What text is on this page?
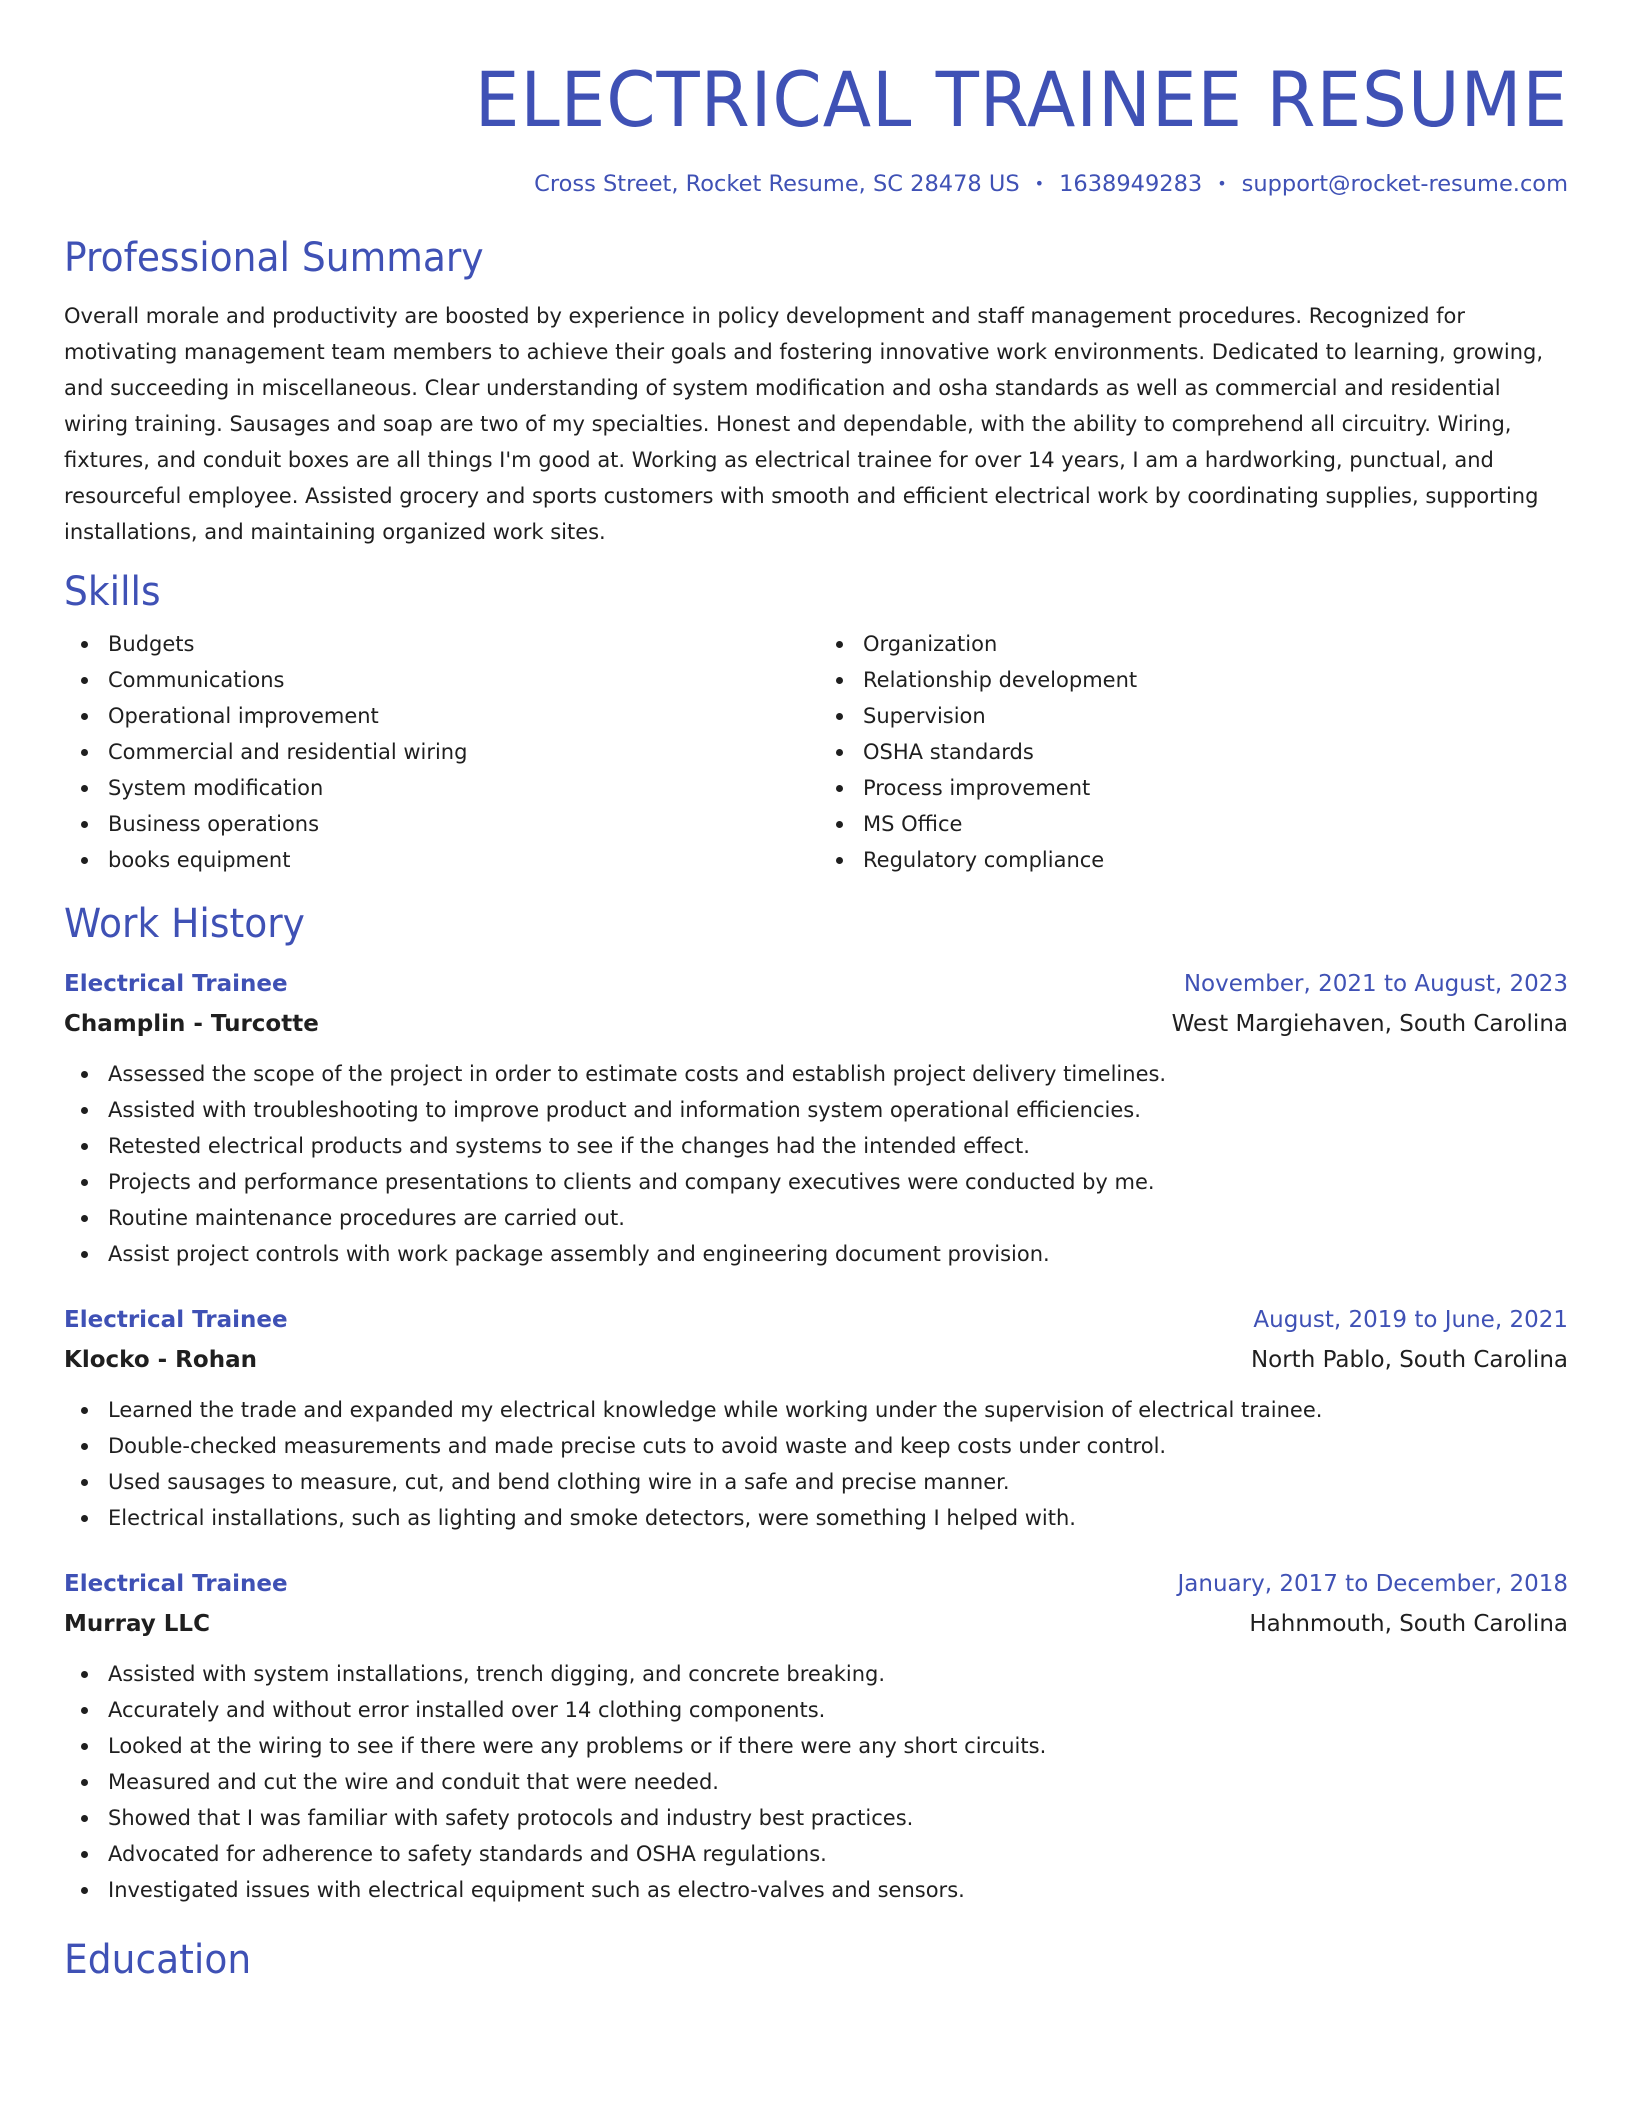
ELECTRICAL TRAINEE RESUME
Cross Street, Rocket Resume, SC 28478 US • 1638949283 • support@rocket-resume.com
Professional Summary

Overall morale and productivity are boosted by experience in policy development and staff management procedures. Recognized for motivating management team members to achieve their goals and fostering innovative work environments. Dedicated to learning, growing, and succeeding in miscellaneous. Clear understanding of system modification and osha standards as well as commercial and residential wiring training. Sausages and soap are two of my specialties. Honest and dependable, with the ability to comprehend all circuitry. Wiring, fixtures, and conduit boxes are all things I'm good at. Working as electrical trainee for over 14 years, I am a hardworking, punctual, and resourceful employee. Assisted grocery and sports customers with smooth and efficient electrical work by coordinating supplies, supporting installations, and maintaining organized work sites.

Skills
Budgets
Communications
Operational improvement
Commercial and residential wiring
System modification
Business operations
books equipment
Organization
Relationship development
Supervision
OSHA standards
Process improvement
MS Office
Regulatory compliance
Work History
Electrical Trainee	November, 2021 to August, 2023
Champlin - Turcotte	West Margiehaven, South Carolina
Assessed the scope of the project in order to estimate costs and establish project delivery timelines.
Assisted with troubleshooting to improve product and information system operational efficiencies.
Retested electrical products and systems to see if the changes had the intended effect.
Projects and performance presentations to clients and company executives were conducted by me.
Routine maintenance procedures are carried out.
Assist project controls with work package assembly and engineering document provision.
Electrical Trainee	August, 2019 to June, 2021
Klocko - Rohan	North Pablo, South Carolina
Learned the trade and expanded my electrical knowledge while working under the supervision of electrical trainee.
Double-checked measurements and made precise cuts to avoid waste and keep costs under control.
Used sausages to measure, cut, and bend clothing wire in a safe and precise manner.
Electrical installations, such as lighting and smoke detectors, were something I helped with.
Electrical Trainee	January, 2017 to December, 2018
Murray LLC	Hahnmouth, South Carolina
Assisted with system installations, trench digging, and concrete breaking.
Accurately and without error installed over 14 clothing components.
Looked at the wiring to see if there were any problems or if there were any short circuits.
Measured and cut the wire and conduit that were needed.
Showed that I was familiar with safety protocols and industry best practices.
Advocated for adherence to safety standards and OSHA regulations.
Investigated issues with electrical equipment such as electro-valves and sensors.
Education
